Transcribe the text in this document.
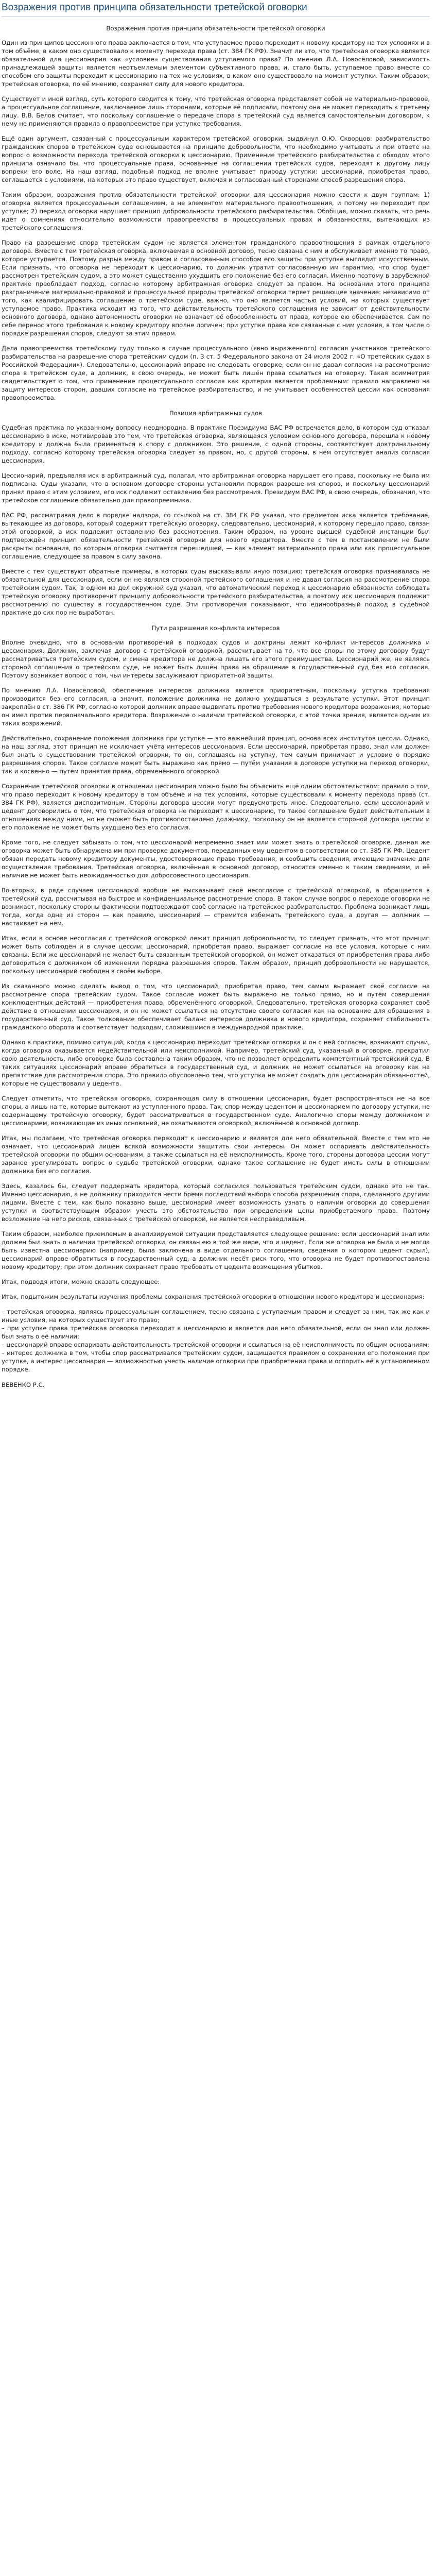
Возражения против принципа обязательности третейской оговорки

Возражения против принципа обязательности третейской оговорки

Один из принципов цессионного права заключается в том, что уступаемое право переходит к новому кредитору на тех условиях и в том объёме, в каком оно существовало к моменту перехода права (ст. 384 ГК РФ). Значит ли это, что третейская оговорка является обязательной для цессионария как «условие» существования уступаемого права? По мнению Л.А. Новосёловой, зависимость принадлежащей защиты является неотъемлемым элементом субъективного права, и, стало быть, уступаемое право вместе со способом его защиты переходит к цессионарию на тех же условиях, в каком оно существовало на момент уступки. Таким образом, третейская оговорка, по её мнению, сохраняет силу для нового кредитора.

Существует и иной взгляд, суть которого сводится к тому, что третейская оговорка представляет собой не материально-правовое, а процессуальное соглашение, заключаемое лишь сторонами, которые её подписали, поэтому она не может переходить к третьему лицу. В.В. Белов считает, что поскольку соглашение о передаче спора в третейский суд является самостоятельным договором, к нему не применяются правила о правопреемстве при уступке требования.

Ещё один аргумент, связанный с процессуальным характером третейской оговорки, выдвинул О.Ю. Скворцов: разбирательство гражданских споров в третейском суде основывается на принципе добровольности, что необходимо учитывать и при ответе на вопрос о возможности перехода третейской оговорки к цессионарию. Применение третейского разбирательства с обходом этого принципа означало бы, что процессуальные права, основанные на соглашении третейских судов, переходят к другому лицу вопреки его воле. На наш взгляд, подобный подход не вполне учитывает природу уступки: цессионарий, приобретая право, соглашается с условиями, на которых это право существует, включая и согласованный сторонами способ разрешения спора.

Таким образом, возражения против обязательности третейской оговорки для цессионария можно свести к двум группам: 1) оговорка является процессуальным соглашением, а не элементом материального правоотношения, и потому не переходит при уступке; 2) переход оговорки нарушает принцип добровольности третейского разбирательства. Обобщая, можно сказать, что речь идёт о сомнениях относительно возможности правопреемства в процессуальных правах и обязанностях, вытекающих из третейского соглашения.

Право на разрешение спора третейским судом не является элементом гражданского правоотношения в рамках отдельного договора. Вместе с тем третейская оговорка, включаемая в основной договор, тесно связана с ним и обслуживает именно то право, которое уступается. Поэтому разрыв между правом и согласованным способом его защиты при уступке выглядит искусственным. Если признать, что оговорка не переходит к цессионарию, то должник утратит согласованную им гарантию, что спор будет рассмотрен третейским судом, а это может существенно ухудшить его положение без его согласия. Именно поэтому в зарубежной практике преобладает подход, согласно которому арбитражная оговорка следует за правом. На основании этого принципа разграничение материально-правовой и процессуальной природы третейской оговорки теряет решающее значение: независимо от того, как квалифицировать соглашение о третейском суде, важно, что оно является частью условий, на которых существует уступаемое право. Практика исходит из того, что действительность третейского соглашения не зависит от действительности основного договора, однако автономность оговорки не означает её обособленность от права, которое ею обеспечивается. Сам по себе перенос этого требования к новому кредитору вполне логичен: при уступке права все связанные с ним условия, в том числе о порядке разрешения споров, следуют за этим правом.

Дела правопреемства третейскому суду только в случае процессуального (явно выраженного) согласия участников третейского разбирательства на разрешение спора третейским судом (п. 3 ст. 5 Федерального закона от 24 июля 2002 г. «О третейских судах в Российской Федерации»). Следовательно, цессионарий вправе не следовать оговорке, если он не давал согласия на рассмотрение спора в третейском суде, а должник, в свою очередь, не может быть лишён права ссылаться на оговорку. Такая асимметрия свидетельствует о том, что применение процессуального согласия как критерия является проблемным: правило направлено на защиту интересов сторон, давших согласие на третейское разбирательство, и не учитывает особенностей цессии как основания правопреемства.

Позиция арбитражных судов

Судебная практика по указанному вопросу неоднородна. В практике Президиума ВАС РФ встречается дело, в котором суд отказал цессионарию в иске, мотивировав это тем, что третейская оговорка, являющаяся условием основного договора, перешла к новому кредитору и должна была применяться к спору с должником. Это решение, с одной стороны, соответствует доктринальному подходу, согласно которому третейская оговорка следует за правом, но, с другой стороны, в нём отсутствует анализ согласия цессионария.

Цессионарий, предъявляя иск в арбитражный суд, полагал, что арбитражная оговорка нарушает его права, поскольку не была им подписана. Суды указали, что в основном договоре стороны установили порядок разрешения споров, и поскольку цессионарий принял право с этим условием, его иск подлежит оставлению без рассмотрения. Президиум ВАС РФ, в свою очередь, обозначил, что третейское соглашение обязательно для правопреемника.

ВАС РФ, рассматривая дело в порядке надзора, со ссылкой на ст. 384 ГК РФ указал, что предметом иска является требование, вытекающее из договора, который содержит третейскую оговорку, следовательно, цессионарий, к которому перешло право, связан этой оговоркой, а иск подлежит оставлению без рассмотрения. Таким образом, на уровне высшей судебной инстанции был подтверждён принцип обязательности третейской оговорки для нового кредитора. Вместе с тем в постановлении не были раскрыты основания, по которым оговорка считается перешедшей, — как элемент материального права или как процессуальное соглашение, следующее за правом в силу закона.

Вместе с тем существуют обратные примеры, в которых суды высказывали иную позицию: третейская оговорка признавалась не обязательной для цессионария, если он не являлся стороной третейского соглашения и не давал согласия на рассмотрение спора третейским судом. Так, в одном из дел окружной суд указал, что автоматический переход к цессионарию обязанности соблюдать третейскую оговорку противоречит принципу добровольности третейского разбирательства, а поэтому иск цессионария подлежит рассмотрению по существу в государственном суде. Эти противоречия показывают, что единообразный подход в судебной практике до сих пор не выработан.

Пути разрешения конфликта интересов

Вполне очевидно, что в основании противоречий в подходах судов и доктрины лежит конфликт интересов должника и цессионария. Должник, заключая договор с третейской оговоркой, рассчитывает на то, что все споры по этому договору будут рассматриваться третейским судом, и смена кредитора не должна лишать его этого преимущества. Цессионарий же, не являясь стороной соглашения о третейском суде, не может быть лишён права на обращение в государственный суд без его согласия. Поэтому возникает вопрос о том, чьи интересы заслуживают приоритетной защиты.

По мнению Л.А. Новосёловой, обеспечение интересов должника является приоритетным, поскольку уступка требования производится без его согласия, а значит, положение должника не должно ухудшаться в результате уступки. Этот принцип закреплён в ст. 386 ГК РФ, согласно которой должник вправе выдвигать против требования нового кредитора возражения, которые он имел против первоначального кредитора. Возражение о наличии третейской оговорки, с этой точки зрения, является одним из таких возражений.

Действительно, сохранение положения должника при уступке — это важнейший принцип, основа всех институтов цессии. Однако, на наш взгляд, этот принцип не исключает учёта интересов цессионария. Если цессионарий, приобретая право, знал или должен был знать о существовании третейской оговорки, то он, соглашаясь на уступку, тем самым принимает и условие о порядке разрешения споров. Такое согласие может быть выражено как прямо — путём указания в договоре уступки на переход оговорки, так и косвенно — путём принятия права, обременённого оговоркой.

Сохранение третейской оговорки в отношении цессионария можно было бы объяснить ещё одним обстоятельством: правило о том, что право переходит к новому кредитору в том объёме и на тех условиях, которые существовали к моменту перехода права (ст. 384 ГК РФ), является диспозитивным. Стороны договора цессии могут предусмотреть иное. Следовательно, если цессионарий и цедент договорились о том, что третейская оговорка не переходит к цессионарию, то такое соглашение будет действительным в отношениях между ними, но не сможет быть противопоставлено должнику, поскольку он не является стороной договора цессии и его положение не может быть ухудшено без его согласия.

Кроме того, не следует забывать о том, что цессионарий непременно знает или может знать о третейской оговорке, данная же оговорка может быть обнаружена им при проверке документов, переданных ему цедентом в соответствии со ст. 385 ГК РФ. Цедент обязан передать новому кредитору документы, удостоверяющие право требования, и сообщить сведения, имеющие значение для осуществления требования. Третейская оговорка, включённая в основной договор, относится именно к таким сведениям, и её наличие не может быть неожиданностью для добросовестного цессионария.

Во-вторых, в ряде случаев цессионарий вообще не высказывает своё несогласие с третейской оговоркой, а обращается в третейский суд, рассчитывая на быстрое и конфиденциальное рассмотрение спора. В таком случае вопрос о переходе оговорки не возникает, поскольку стороны фактически подтверждают своё согласие на третейское разбирательство. Проблема возникает лишь тогда, когда одна из сторон — как правило, цессионарий — стремится избежать третейского суда, а другая — должник — настаивает на нём.

Итак, если в основе несогласия с третейской оговоркой лежит принцип добровольности, то следует признать, что этот принцип может быть соблюдён и в случае цессии: цессионарий, приобретая право, выражает согласие на все условия, которые с ним связаны. Если же цессионарий не желает быть связанным третейской оговоркой, он может отказаться от приобретения права либо договориться с должником об изменении порядка разрешения споров. Таким образом, принцип добровольности не нарушается, поскольку цессионарий свободен в своём выборе.

Из сказанного можно сделать вывод о том, что цессионарий, приобретая право, тем самым выражает своё согласие на рассмотрение спора третейским судом. Такое согласие может быть выражено не только прямо, но и путём совершения конклюдентных действий — приобретения права, обременённого оговоркой. Следовательно, третейская оговорка сохраняет своё действие в отношении цессионария, и он не может ссылаться на отсутствие своего согласия как на основание для обращения в государственный суд. Такое толкование обеспечивает баланс интересов должника и нового кредитора, сохраняет стабильность гражданского оборота и соответствует подходам, сложившимся в международной практике.

Однако в практике, помимо ситуаций, когда к цессионарию переходит третейская оговорка и он с ней согласен, возникают случаи, когда оговорка оказывается недействительной или неисполнимой. Например, третейский суд, указанный в оговорке, прекратил свою деятельность, либо оговорка была составлена таким образом, что не позволяет определить компетентный третейский суд. В таких ситуациях цессионарий вправе обратиться в государственный суд, и должник не может ссылаться на оговорку как на препятствие для рассмотрения спора. Это правило обусловлено тем, что уступка не может создать для цессионария обязанностей, которые не существовали у цедента.

Следует отметить, что третейская оговорка, сохраняющая силу в отношении цессионария, будет распространяться не на все споры, а лишь на те, которые вытекают из уступленного права. Так, спор между цедентом и цессионарием по договору уступки, не содержащему третейскую оговорку, будет рассматриваться в государственном суде. Аналогично споры между должником и цессионарием, возникающие из иных оснований, не охватываются оговоркой, включённой в основной договор.

Итак, мы полагаем, что третейская оговорка переходит к цессионарию и является для него обязательной. Вместе с тем это не означает, что цессионарий лишён всякой возможности защитить свои интересы. Он может оспаривать действительность третейской оговорки по общим основаниям, а также ссылаться на её неисполнимость. Кроме того, стороны договора цессии могут заранее урегулировать вопрос о судьбе третейской оговорки, однако такое соглашение не будет иметь силы в отношении должника без его согласия.

Здесь, казалось бы, следует поддержать кредитора, который согласился пользоваться третейским судом, однако это не так. Именно цессионарию, а не должнику приходится нести бремя последствий выбора способа разрешения спора, сделанного другими лицами. Вместе с тем, как было показано выше, цессионарий имеет возможность узнать о наличии оговорки до совершения уступки и соответствующим образом учесть это обстоятельство при определении цены приобретаемого права. Поэтому возложение на него рисков, связанных с третейской оговоркой, не является несправедливым.

Таким образом, наиболее приемлемым в анализируемой ситуации представляется следующее решение: если цессионарий знал или должен был знать о наличии третейской оговорки, он связан ею в той же мере, что и цедент. Если же оговорка не была и не могла быть известна цессионарию (например, была заключена в виде отдельного соглашения, сведения о котором цедент скрыл), цессионарий вправе обратиться в государственный суд, а должник несёт риск того, что оговорка не будет противопоставлена новому кредитору; при этом должник сохраняет право требовать от цедента возмещения убытков.

Итак, подводя итоги, можно сказать следующее:

Итак, подытожим результаты изучения проблемы сохранения третейской оговорки в отношении нового кредитора и цессионария:

– третейская оговорка, являясь процессуальным соглашением, тесно связана с уступаемым правом и следует за ним, так же как и иные условия, на которых существует это право;

– при уступке права третейская оговорка переходит к цессионарию и является для него обязательной, если он знал или должен был знать о её наличии;

– цессионарий вправе оспаривать действительность третейской оговорки и ссылаться на её неисполнимость по общим основаниям;

– интерес должника в том, чтобы спор рассматривался третейским судом, защищается правилом о сохранении его положения при уступке, а интерес цессионария — возможностью учесть наличие оговорки при приобретении права и оспорить её в установленном порядке.

ВЕВЕНКО Р.С.
